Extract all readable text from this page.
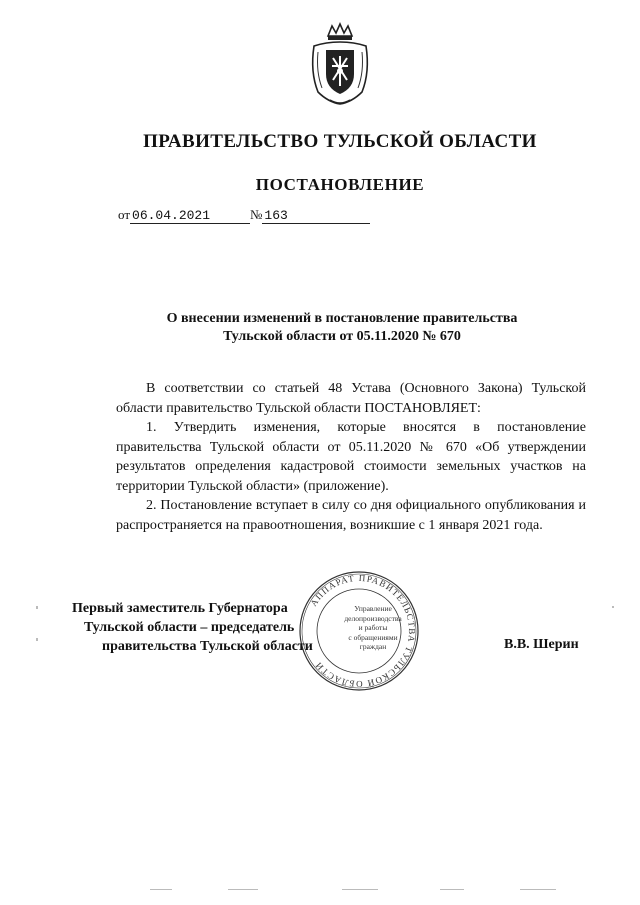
ПРАВИТЕЛЬСТВО ТУЛЬСКОЙ ОБЛАСТИ
ПОСТАНОВЛЕНИЕ
от 06.04.2021	№ 163
О внесении изменений в постановление правительства
Тульской области от 05.11.2020 № 670

В соответствии со статьей 48 Устава (Основного Закона) Тульской области правительство Тульской области ПОСТАНОВЛЯЕТ:

1. Утвердить изменения, которые вносятся в постановление правительства Тульской области от 05.11.2020 № 670 «Об утверждении результатов определения кадастровой стоимости земельных участков на территории Тульской области» (приложение).

2. Постановление вступает в силу со дня официального опубликования и распространяется на правоотношения, возникшие с 1 января 2021 года.

АППАРАТ ПРАВИТЕЛЬСТВА ТУЛЬСКОЙ ОБЛАСТИ
Управление
делопроизводства
и работы
с обращениями
граждан
Первый заместитель Губернатора
Тульской области – председатель
правительства Тульской области	В.В. Шерин
